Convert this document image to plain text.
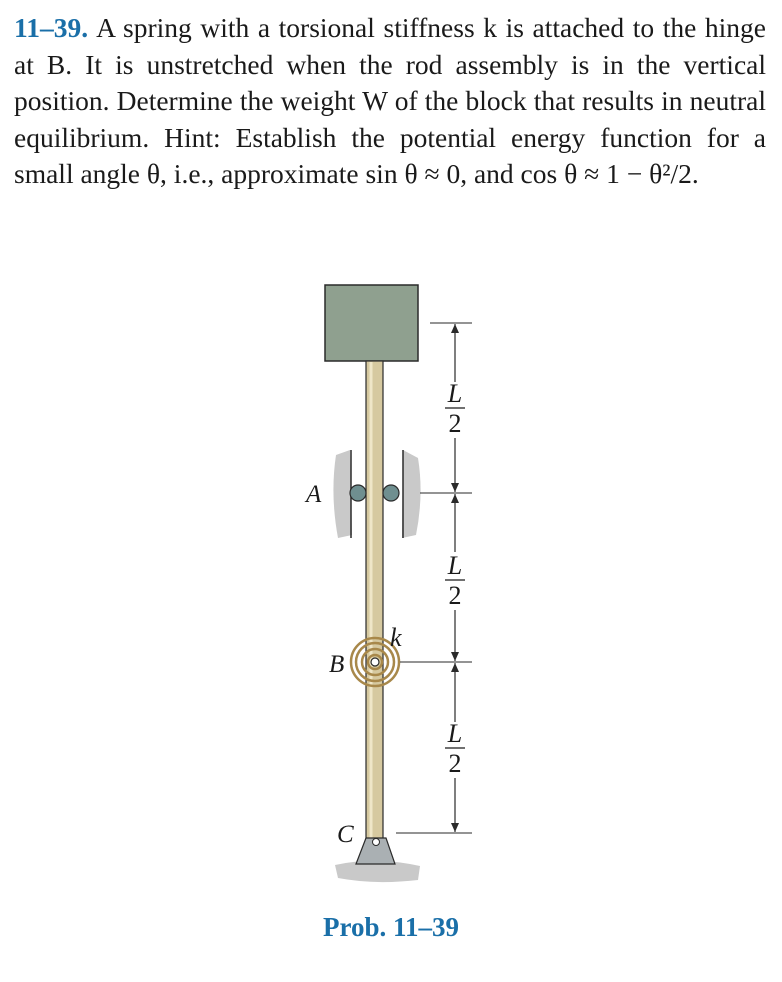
11–39. A spring with a torsional stiffness k is attached to the hinge at B. It is unstretched when the rod assembly is in the vertical position. Determine the weight W of the block that results in neutral equilibrium. Hint: Establish the potential energy function for a small angle θ, i.e., approximate sin θ ≈ 0, and cos θ ≈ 1 − θ²/2.
L
2
L
2
L
2
A
B
C
k
Prob. 11–39
